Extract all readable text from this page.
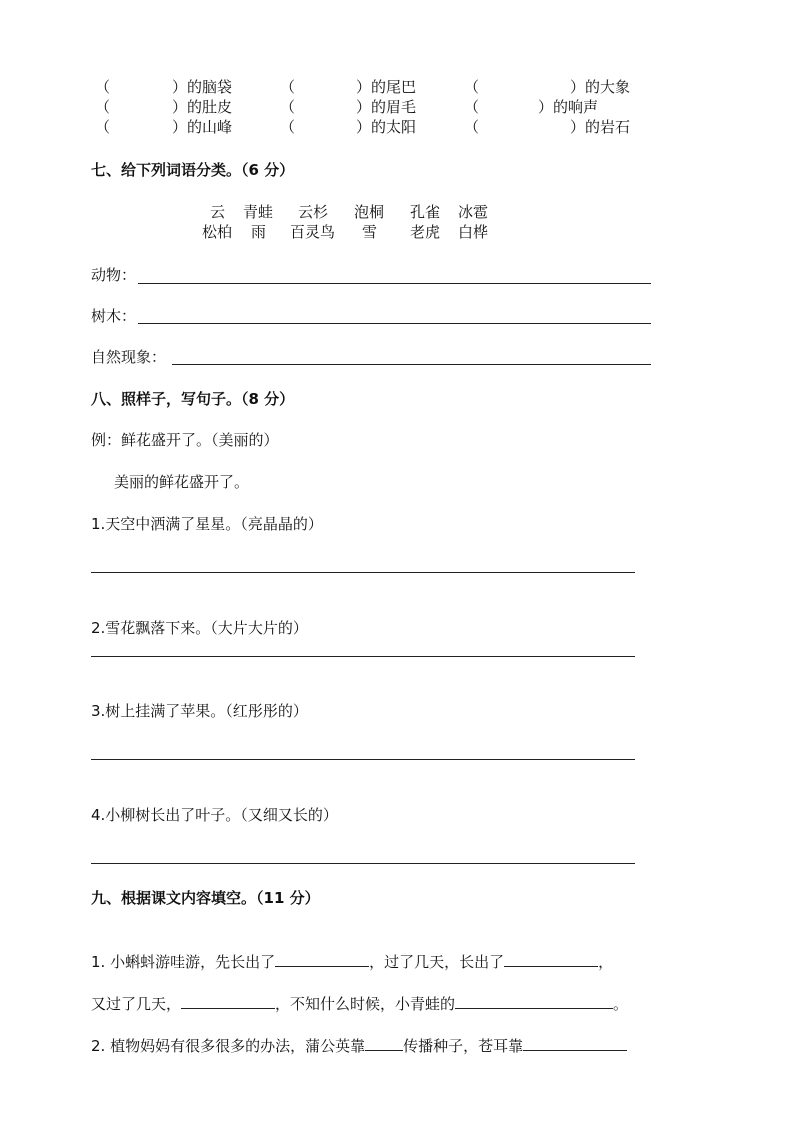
（	）的脑袋	（	）的尾巴	（	）的大象
（	）的肚皮	（	）的眉毛	（	）的响声
（	）的山峰	（	）的太阳	（	）的岩石
七、给下列词语分类。（6 分）
云 青蛙 云杉 泡桐 孔雀 冰雹
松柏 雨 百灵鸟 雪 老虎 白桦
动物：
树木：
自然现象：
八、照样子，写句子。（8 分）
例：鲜花盛开了。（美丽的）
美丽的鲜花盛开了。
1.天空中洒满了星星。（亮晶晶的）
2.雪花飘落下来。（大片大片的）
3.树上挂满了苹果。（红彤彤的）
4.小柳树长出了叶子。（又细又长的）
九、根据课文内容填空。（11 分）
1. 小蝌蚪游哇游，先长出了	，过了几天，长出了	，
又过了几天，	，不知什么时候，小青蛙的	。
2. 植物妈妈有很多很多的办法，蒲公英靠	传播种子，苍耳靠
